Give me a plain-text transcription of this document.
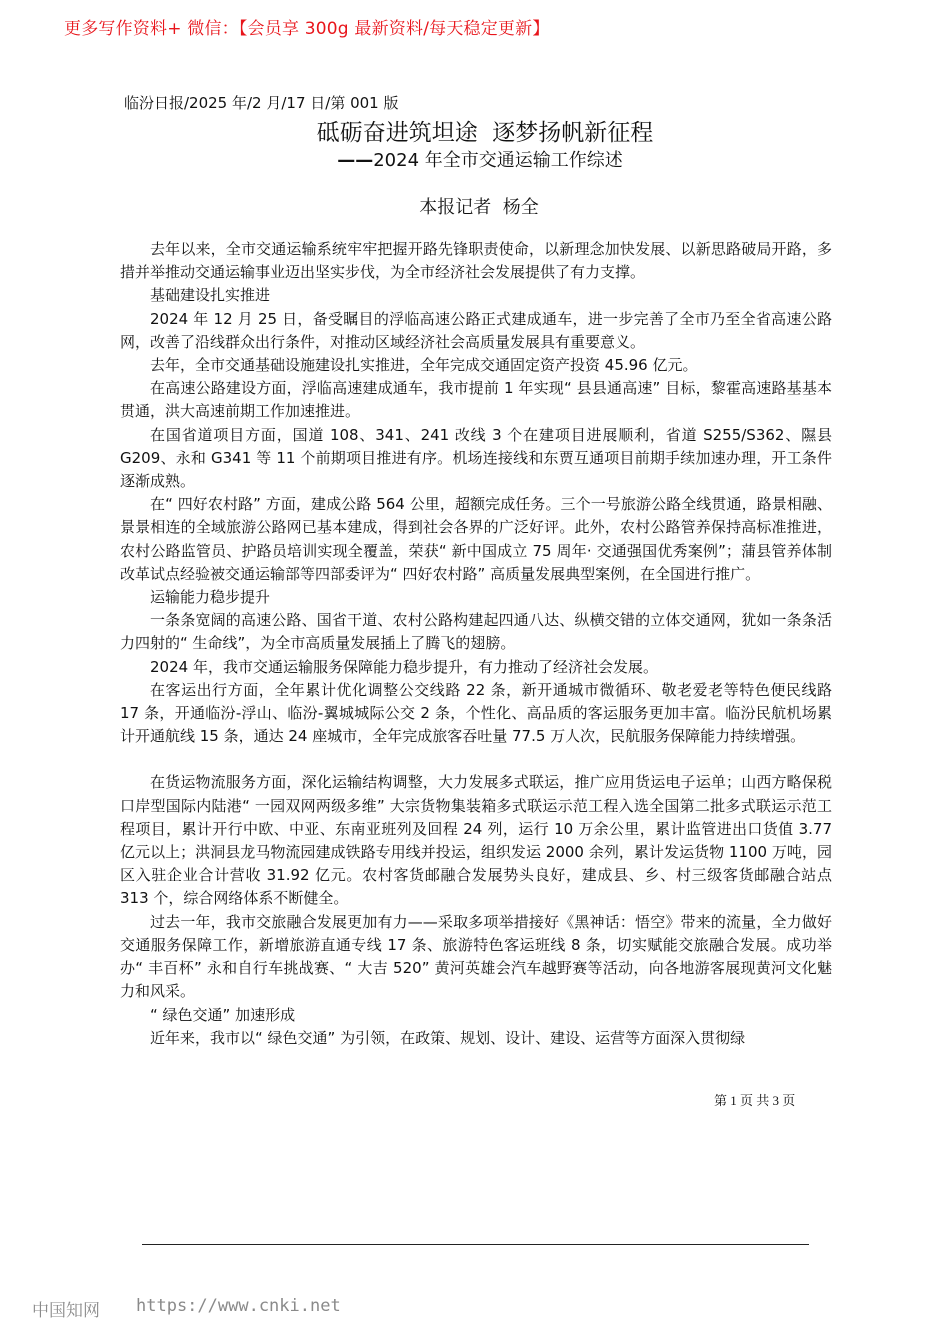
更多写作资料+ 微信：【会员享 300g 最新资料/每天稳定更新】
临汾日报/2025 年/2 月/17 日/第 001 版
砥砺奋进筑坦途  逐梦扬帆新征程
——2024 年全市交通运输工作综述
本报记者  杨全

去年以来，全市交通运输系统牢牢把握开路先锋职责使命，以新理念加快发展、以新思路破局开路，多措并举推动交通运输事业迈出坚实步伐，为全市经济社会发展提供了有力支撑。

基础建设扎实推进

2024 年 12 月 25 日，备受瞩目的浮临高速公路正式建成通车，进一步完善了全市乃至全省高速公路网，改善了沿线群众出行条件，对推动区域经济社会高质量发展具有重要意义。

去年，全市交通基础设施建设扎实推进，全年完成交通固定资产投资 45.96 亿元。

在高速公路建设方面，浮临高速建成通车，我市提前 1 年实现“ 县县通高速” 目标，黎霍高速路基基本贯通，洪大高速前期工作加速推进。

在国省道项目方面，国道 108、341、241 改线 3 个在建项目进展顺利，省道 S255/S362、隰县 G209、永和 G341 等 11 个前期项目推进有序。机场连接线和东贾互通项目前期手续加速办理，开工条件逐渐成熟。

在“ 四好农村路” 方面，建成公路 564 公里，超额完成任务。三个一号旅游公路全线贯通，路景相融、景景相连的全域旅游公路网已基本建成，得到社会各界的广泛好评。此外，农村公路管养保持高标准推进，农村公路监管员、护路员培训实现全覆盖，荣获“ 新中国成立 75 周年· 交通强国优秀案例”；蒲县管养体制改革试点经验被交通运输部等四部委评为“ 四好农村路” 高质量发展典型案例，在全国进行推广。

运输能力稳步提升

一条条宽阔的高速公路、国省干道、农村公路构建起四通八达、纵横交错的立体交通网，犹如一条条活力四射的“ 生命线”，为全市高质量发展插上了腾飞的翅膀。

2024 年，我市交通运输服务保障能力稳步提升，有力推动了经济社会发展。

在客运出行方面，全年累计优化调整公交线路 22 条，新开通城市微循环、敬老爱老等特色便民线路 17 条，开通临汾-浮山、临汾-翼城城际公交 2 条，个性化、高品质的客运服务更加丰富。临汾民航机场累计开通航线 15 条，通达 24 座城市，全年完成旅客吞吐量 77.5 万人次，民航服务保障能力持续增强。

在货运物流服务方面，深化运输结构调整，大力发展多式联运，推广应用货运电子运单；山西方略保税口岸型国际内陆港“ 一园双网两级多维” 大宗货物集装箱多式联运示范工程入选全国第二批多式联运示范工程项目，累计开行中欧、中亚、东南亚班列及回程 24 列，运行 10 万余公里，累计监管进出口货值 3.77 亿元以上；洪洞县龙马物流园建成铁路专用线并投运，组织发运 2000 余列，累计发运货物 1100 万吨，园区入驻企业合计营收 31.92 亿元。农村客货邮融合发展势头良好，建成县、乡、村三级客货邮融合站点 313 个，综合网络体系不断健全。

过去一年，我市交旅融合发展更加有力——采取多项举措接好《黑神话：悟空》带来的流量，全力做好交通服务保障工作，新增旅游直通专线 17 条、旅游特色客运班线 8 条，切实赋能交旅融合发展。成功举办“ 丰百杯” 永和自行车挑战赛、“ 大吉 520” 黄河英雄会汽车越野赛等活动，向各地游客展现黄河文化魅力和风采。

“ 绿色交通” 加速形成

近年来，我市以“ 绿色交通” 为引领，在政策、规划、设计、建设、运营等方面深入贯彻绿

第 1 页 共 3 页
中国知网 https://www.cnki.net
